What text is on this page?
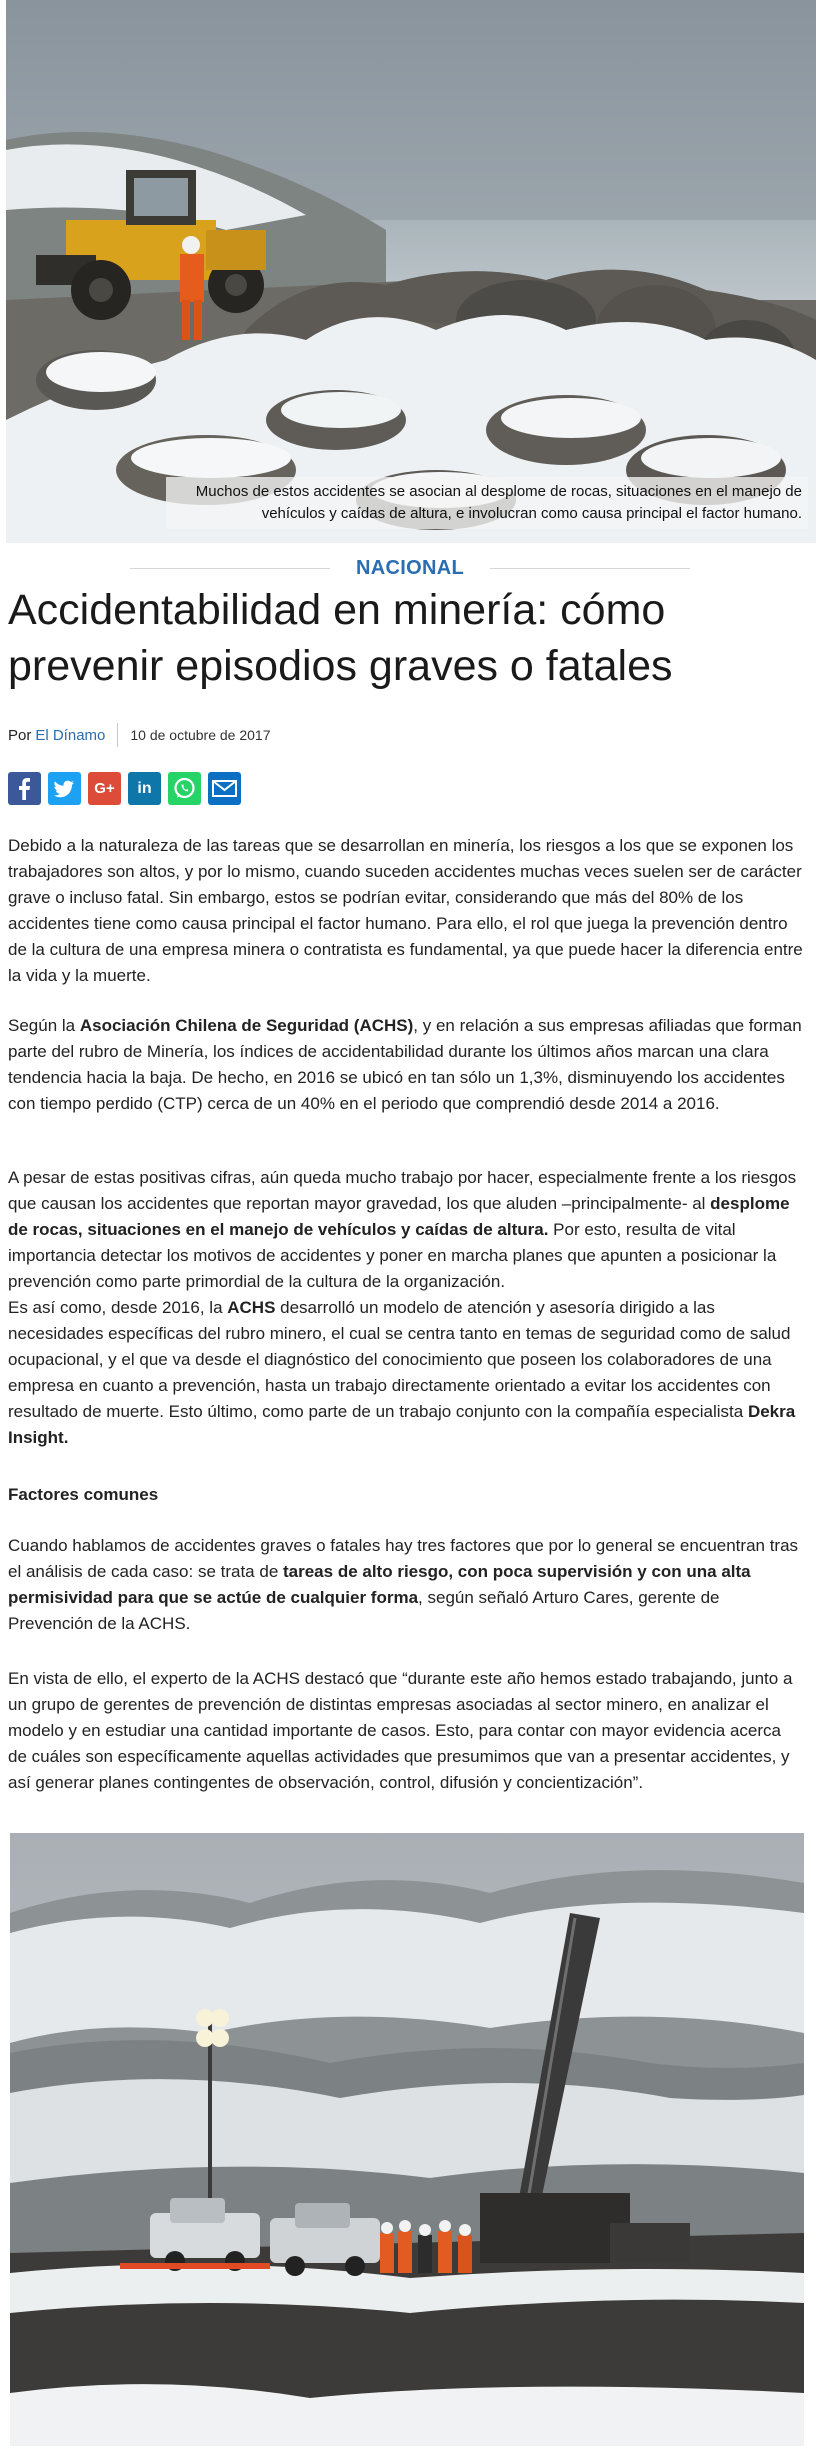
Muchos de estos accidentes se asocian al desplome de rocas, situaciones en el manejo de vehículos y caídas de altura, e involucran como causa principal el factor humano.
NACIONAL
Accidentabilidad en minería: cómo prevenir episodios graves o fatales
Por El Dínamo 10 de octubre de 2017
G+ in

Debido a la naturaleza de las tareas que se desarrollan en minería, los riesgos a los que se exponen los trabajadores son altos, y por lo mismo, cuando suceden accidentes muchas veces suelen ser de carácter grave o incluso fatal. Sin embargo, estos se podrían evitar, considerando que más del 80% de los accidentes tiene como causa principal el factor humano. Para ello, el rol que juega la prevención dentro de la cultura de una empresa minera o contratista es fundamental, ya que puede hacer la diferencia entre la vida y la muerte.

Según la Asociación Chilena de Seguridad (ACHS), y en relación a sus empresas afiliadas que forman parte del rubro de Minería, los índices de accidentabilidad durante los últimos años marcan una clara tendencia hacia la baja. De hecho, en 2016 se ubicó en tan sólo un 1,3%, disminuyendo los accidentes con tiempo perdido (CTP) cerca de un 40% en el periodo que comprendió desde 2014 a 2016.

A pesar de estas positivas cifras, aún queda mucho trabajo por hacer, especialmente frente a los riesgos que causan los accidentes que reportan mayor gravedad, los que aluden –principalmente- al desplome de rocas, situaciones en el manejo de vehículos y caídas de altura. Por esto, resulta de vital importancia detectar los motivos de accidentes y poner en marcha planes que apunten a posicionar la prevención como parte primordial de la cultura de la organización.

Es así como, desde 2016, la ACHS desarrolló un modelo de atención y asesoría dirigido a las necesidades específicas del rubro minero, el cual se centra tanto en temas de seguridad como de salud ocupacional, y el que va desde el diagnóstico del conocimiento que poseen los colaboradores de una empresa en cuanto a prevención, hasta un trabajo directamente orientado a evitar los accidentes con resultado de muerte. Esto último, como parte de un trabajo conjunto con la compañía especialista Dekra Insight.

Factores comunes

Cuando hablamos de accidentes graves o fatales hay tres factores que por lo general se encuentran tras el análisis de cada caso: se trata de tareas de alto riesgo, con poca supervisión y con una alta permisividad para que se actúe de cualquier forma, según señaló Arturo Cares, gerente de Prevención de la ACHS.

En vista de ello, el experto de la ACHS destacó que “durante este año hemos estado trabajando, junto a un grupo de gerentes de prevención de distintas empresas asociadas al sector minero, en analizar el modelo y en estudiar una cantidad importante de casos. Esto, para contar con mayor evidencia acerca de cuáles son específicamente aquellas actividades que presumimos que van a presentar accidentes, y así generar planes contingentes de observación, control, difusión y concientización”.
